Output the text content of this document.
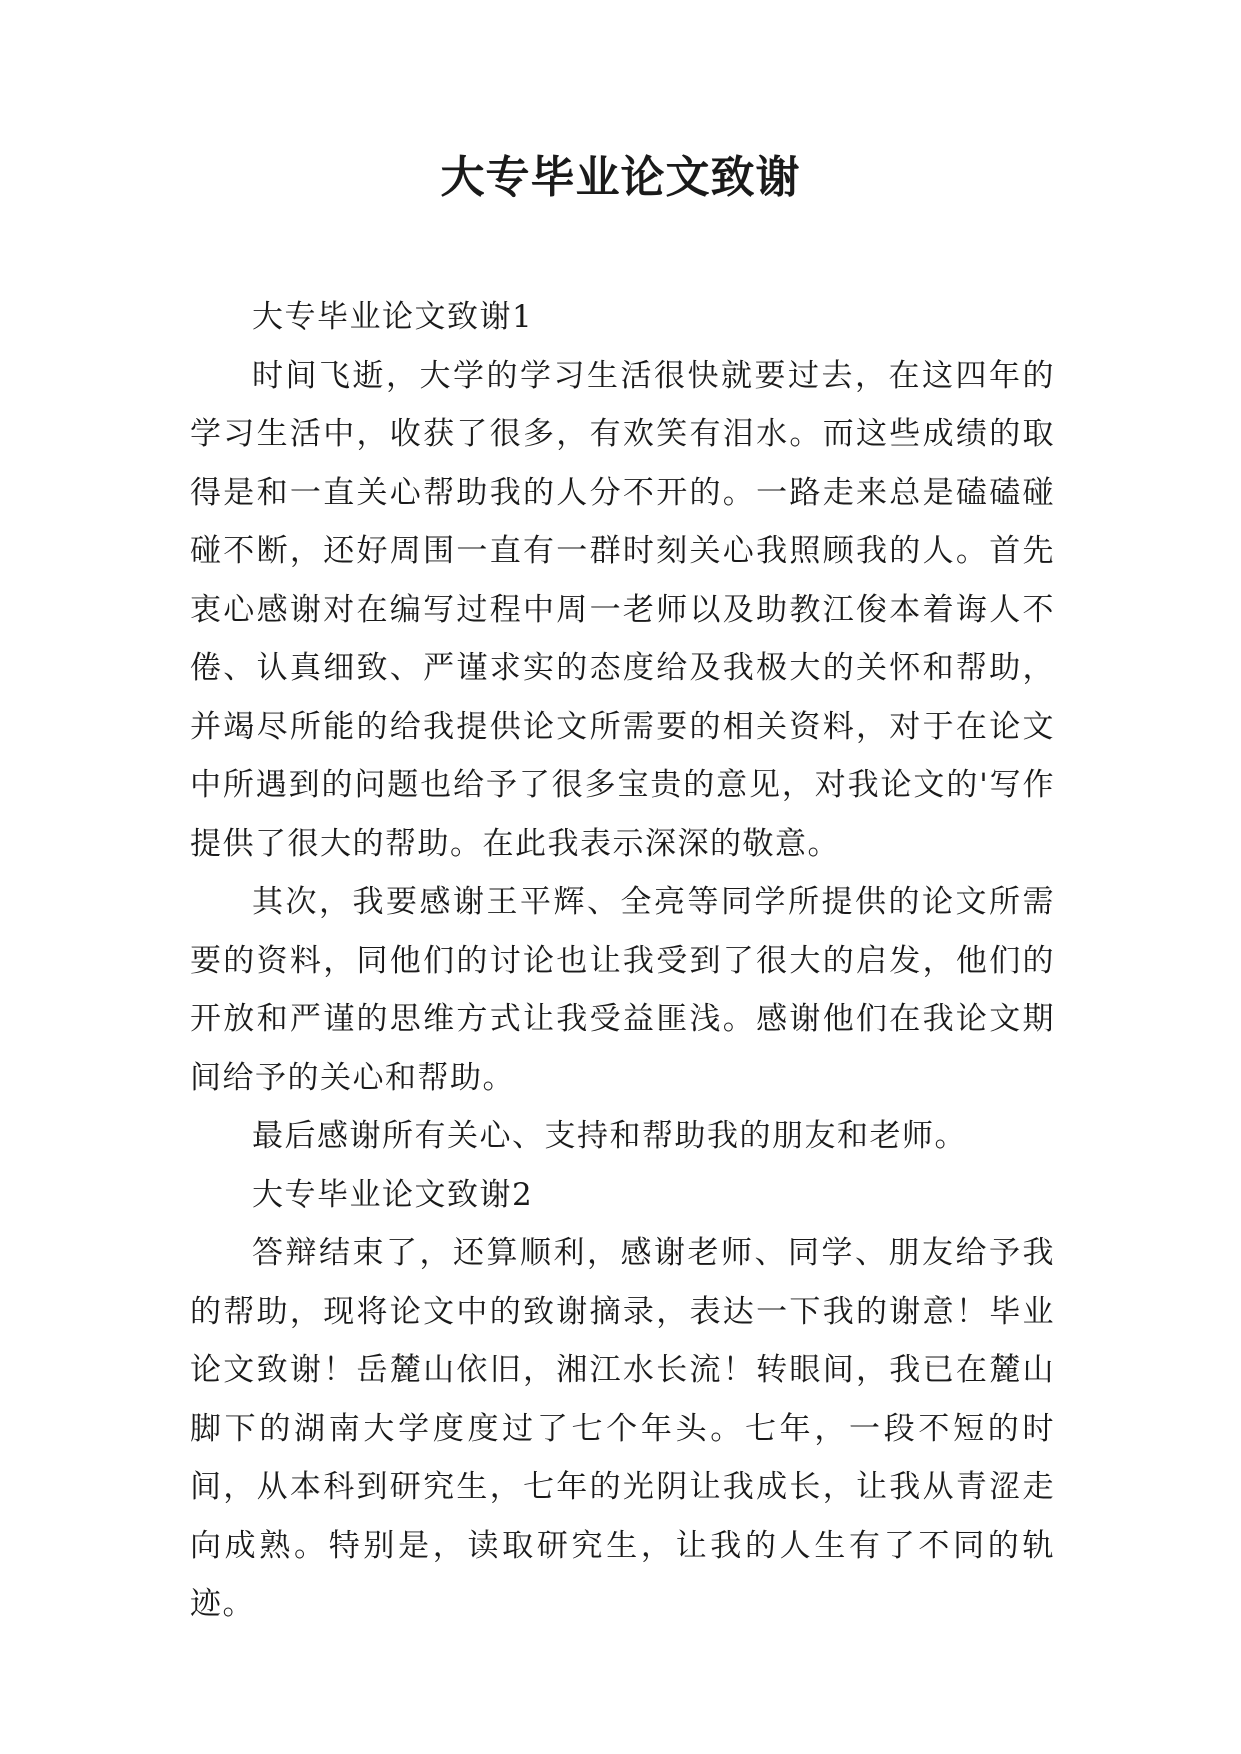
大专毕业论文致谢

大专毕业论文致谢1

时间飞逝，大学的学习生活很快就要过去，在这四年的学习生活中，收获了很多，有欢笑有泪水。而这些成绩的取得是和一直关心帮助我的人分不开的。一路走来总是磕磕碰碰不断，还好周围一直有一群时刻关心我照顾我的人。首先衷心感谢对在编写过程中周一老师以及助教江俊本着诲人不倦、认真细致、严谨求实的态度给及我极大的关怀和帮助，并竭尽所能的给我提供论文所需要的相关资料，对于在论文中所遇到的问题也给予了很多宝贵的意见，对我论文的'写作提供了很大的帮助。在此我表示深深的敬意。

其次，我要感谢王平辉、全亮等同学所提供的论文所需要的资料，同他们的讨论也让我受到了很大的启发，他们的开放和严谨的思维方式让我受益匪浅。感谢他们在我论文期间给予的关心和帮助。

最后感谢所有关心、支持和帮助我的朋友和老师。

大专毕业论文致谢2

答辩结束了，还算顺利，感谢老师、同学、朋友给予我的帮助，现将论文中的致谢摘录，表达一下我的谢意！毕业论文致谢！岳麓山依旧，湘江水长流！转眼间，我已在麓山脚下的湖南大学度度过了七个年头。七年，一段不短的时间，从本科到研究生，七年的光阴让我成长，让我从青涩走向成熟。特别是，读取研究生，让我的人生有了不同的轨迹。
